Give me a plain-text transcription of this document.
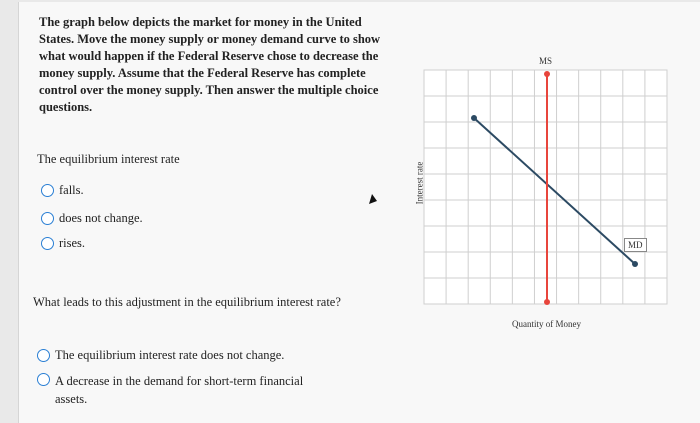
The graph below depicts the market for money in the United States. Move the money supply or money demand curve to show what would happen if the Federal Reserve chose to decrease the money supply. Assume that the Federal Reserve has complete control over the money supply. Then answer the multiple choice questions.

The equilibrium interest rate

falls.
does not change.
rises.

What leads to this adjustment in the equilibrium interest rate?

The equilibrium interest rate does not change.
A decrease in the demand for short-term financial assets.
Interest rate
Quantity of Money
MS
MD
